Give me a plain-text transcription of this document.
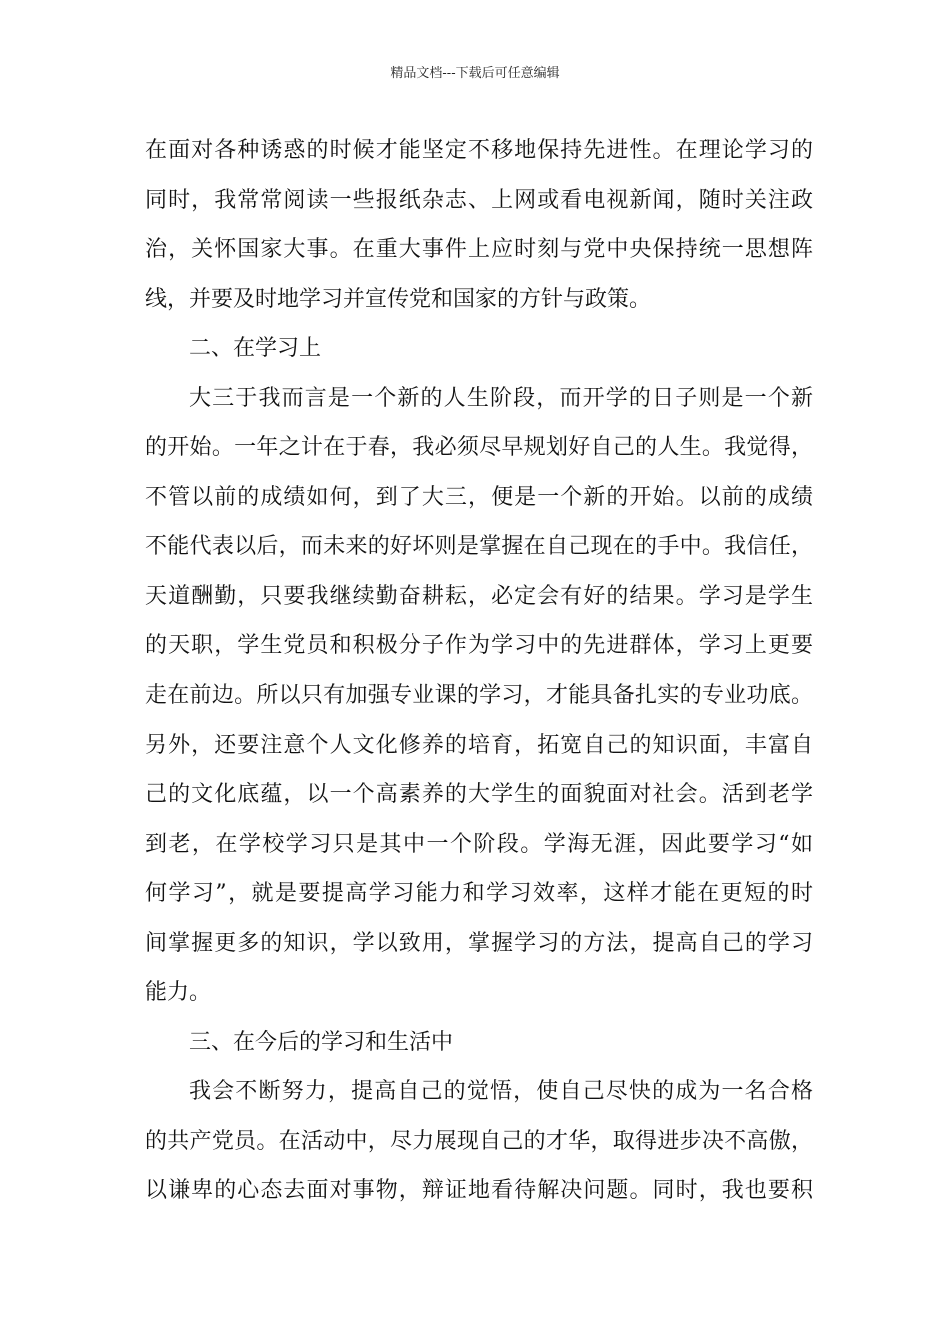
精品文档---下载后可任意编辑
在面对各种诱惑的时候才能坚定不移地保持先进性。在理论学习的
同时，我常常阅读一些报纸杂志、上网或看电视新闻，随时关注政
治，关怀国家大事。在重大事件上应时刻与党中央保持统一思想阵
线，并要及时地学习并宣传党和国家的方针与政策。
二、在学习上
大三于我而言是一个新的人生阶段，而开学的日子则是一个新
的开始。一年之计在于春，我必须尽早规划好自己的人生。我觉得，
不管以前的成绩如何，到了大三，便是一个新的开始。以前的成绩
不能代表以后，而未来的好坏则是掌握在自己现在的手中。我信任，
天道酬勤，只要我继续勤奋耕耘，必定会有好的结果。学习是学生
的天职，学生党员和积极分子作为学习中的先进群体，学习上更要
走在前边。所以只有加强专业课的学习，才能具备扎实的专业功底。
另外，还要注意个人文化修养的培育，拓宽自己的知识面，丰富自
己的文化底蕴，以一个高素养的大学生的面貌面对社会。活到老学
到老，在学校学习只是其中一个阶段。学海无涯，因此要学习“如
何学习”，就是要提高学习能力和学习效率，这样才能在更短的时
间掌握更多的知识，学以致用，掌握学习的方法，提高自己的学习
能力。
三、在今后的学习和生活中
我会不断努力，提高自己的觉悟，使自己尽快的成为一名合格
的共产党员。在活动中，尽力展现自己的才华，取得进步决不高傲，
以谦卑的心态去面对事物，辩证地看待解决问题。同时，我也要积
